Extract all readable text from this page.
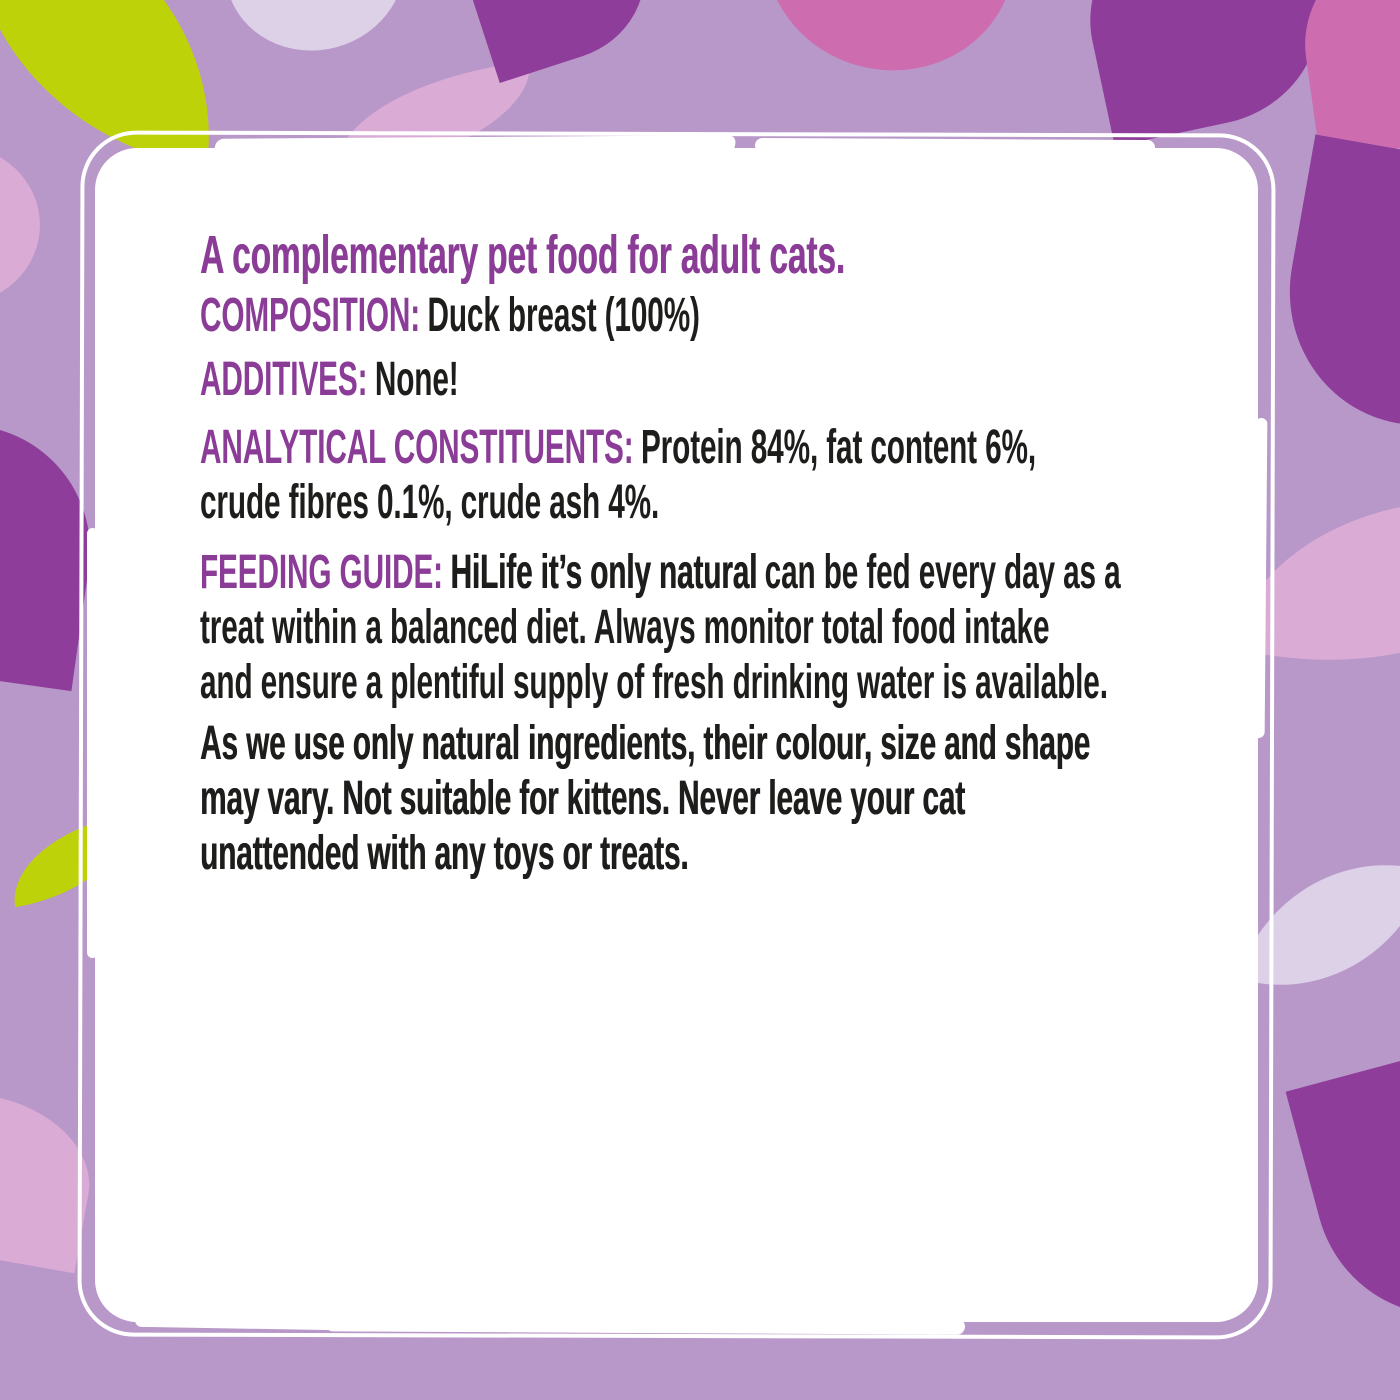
A complementary pet food for adult cats.
COMPOSITION: Duck breast (100%)
ADDITIVES: None!
ANALYTICAL CONSTITUENTS: Protein 84%, fat content 6%,
crude fibres 0.1%, crude ash 4%.
FEEDING GUIDE: HiLife it’s only natural can be fed every day as a
treat within a balanced diet. Always monitor total food intake
and ensure a plentiful supply of fresh drinking water is available.
As we use only natural ingredients, their colour, size and shape
may vary. Not suitable for kittens. Never leave your cat
unattended with any toys or treats.
